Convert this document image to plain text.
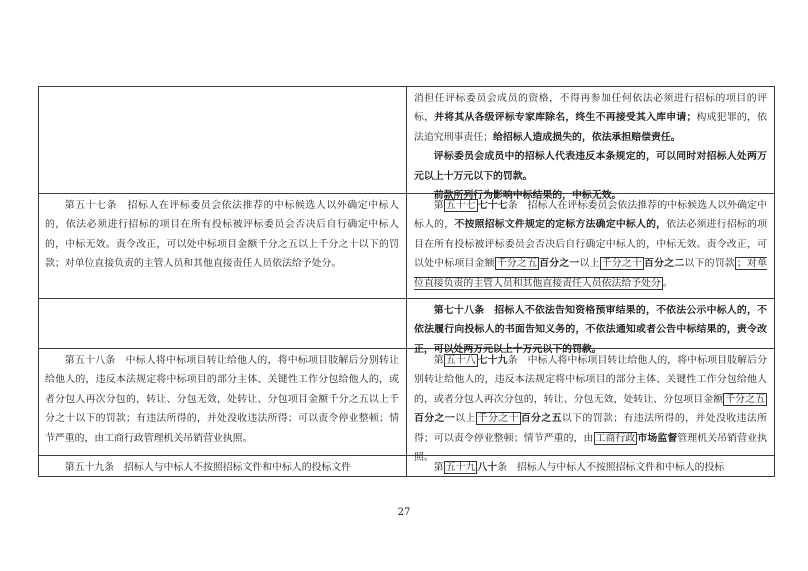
消担任评标委员会成员的资格，不得再参加任何依法必须进行招标的项目的评标，并将其从各级评标专家库除名，终生不再接受其入库申请；构成犯罪的，依法追究刑事责任；给招标人造成损失的，依法承担赔偿责任。

评标委员会成员中的招标人代表违反本条规定的，可以同时对招标人处两万元以上十万元以下的罚款。

前款所列行为影响中标结果的，中标无效。

第五十七条　招标人在评标委员会依法推荐的中标候选人以外确定中标人的，依法必须进行招标的项目在所有投标被评标委员会否决后自行确定中标人的，中标无效。责令改正，可以处中标项目金额千分之五以上千分之十以下的罚款；对单位直接负责的主管人员和其他直接责任人员依法给予处分。

第 五十七 七十七条　招标人在评标委员会依法推荐的中标候选人以外确定中标人的，不按照招标文件规定的定标方法确定中标人的，依法必须进行招标的项目在所有投标被评标委员会否决后自行确定中标人的，中标无效。责令改正，可以处中标项目金额 千分之五 百分之一以上 千分之十 百分之二以下的罚款 ；对单位直接负责的主管人员和其他直接责任人员依法给予处分 。

第七十八条　招标人不依法告知资格预审结果的，不依法公示中标人的，不依法履行向投标人的书面告知义务的，不依法通知或者公告中标结果的，责令改正，可以处两万元以上十万元以下的罚款。

第五十八条　中标人将中标项目转让给他人的，将中标项目肢解后分别转让给他人的，违反本法规定将中标项目的部分主体、关键性工作分包给他人的，或者分包人再次分包的，转让、分包无效，处转让、分包项目金额千分之五以上千分之十以下的罚款；有违法所得的，并处没收违法所得；可以责令停业整顿；情节严重的，由工商行政管理机关吊销营业执照。

第 五十八 七十九条　中标人将中标项目转让给他人的，将中标项目肢解后分别转让给他人的，违反本法规定将中标项目的部分主体、关键性工作分包给他人的，或者分包人再次分包的，转让、分包无效，处转让、分包项目金额 千分之五百分之一以上 千分之十 百分之五以下的罚款；有违法所得的，并处没收违法所得；可以责令停业整顿；情节严重的，由 工商行政 市场监督管理机关吊销营业执照。

第五十九条　招标人与中标人不按照招标文件和中标人的投标文件	第 五十九 八十条　招标人与中标人不按照招标文件和中标人的投标

27
